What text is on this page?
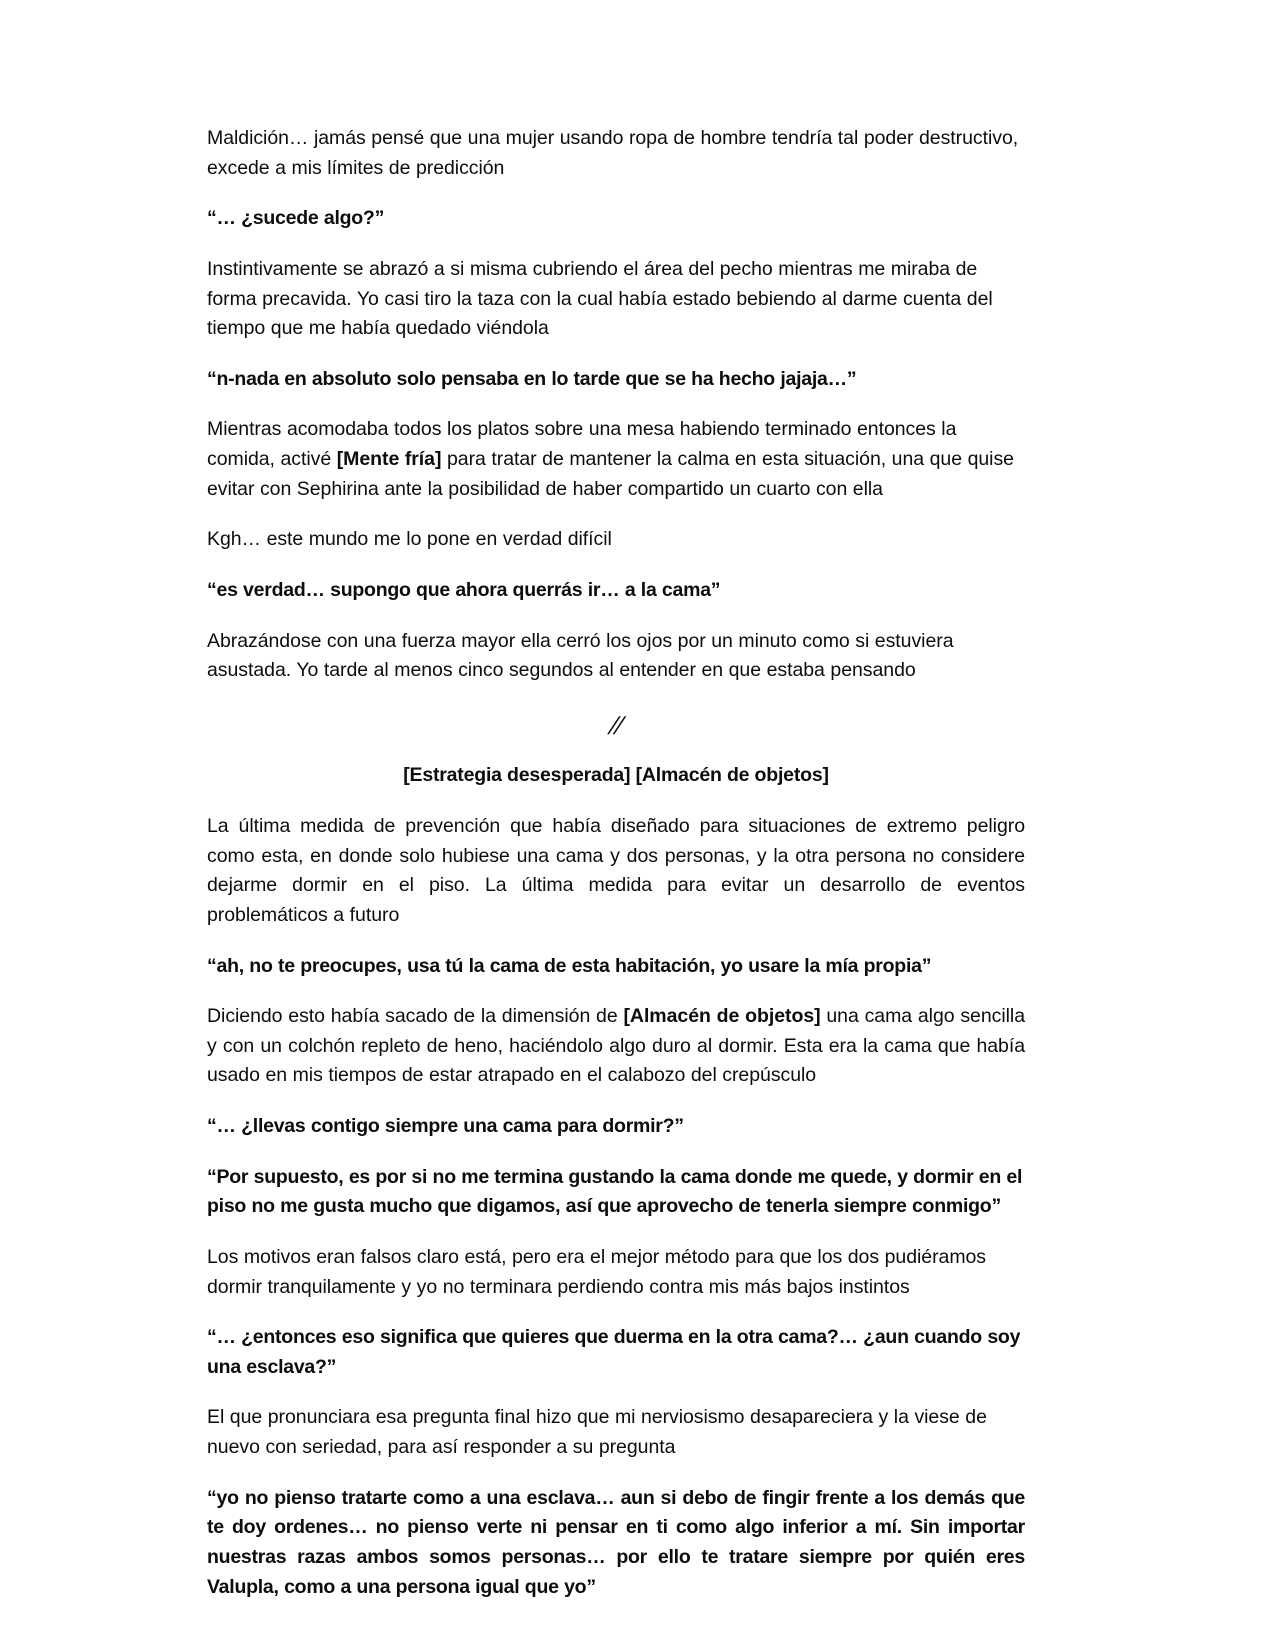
Maldición… jamás pensé que una mujer usando ropa de hombre tendría tal poder destructivo, excede a mis límites de predicción

“… ¿sucede algo?”

Instintivamente se abrazó a si misma cubriendo el área del pecho mientras me miraba de forma precavida. Yo casi tiro la taza con la cual había estado bebiendo al darme cuenta del tiempo que me había quedado viéndola

“n-nada en absoluto solo pensaba en lo tarde que se ha hecho jajaja…”

Mientras acomodaba todos los platos sobre una mesa habiendo terminado entonces la comida, activé [Mente fría] para tratar de mantener la calma en esta situación, una que quise evitar con Sephirina ante la posibilidad de haber compartido un cuarto con ella

Kgh… este mundo me lo pone en verdad difícil

“es verdad… supongo que ahora querrás ir… a la cama”

Abrazándose con una fuerza mayor ella cerró los ojos por un minuto como si estuviera asustada. Yo tarde al menos cinco segundos al entender en que estaba pensando

//
[Estrategia desesperada] [Almacén de objetos]

La última medida de prevención que había diseñado para situaciones de extremo peligro como esta, en donde solo hubiese una cama y dos personas, y la otra persona no considere dejarme dormir en el piso. La última medida para evitar un desarrollo de eventos problemáticos a futuro

“ah, no te preocupes, usa tú la cama de esta habitación, yo usare la mía propia”

Diciendo esto había sacado de la dimensión de [Almacén de objetos] una cama algo sencilla y con un colchón repleto de heno, haciéndolo algo duro al dormir. Esta era la cama que había usado en mis tiempos de estar atrapado en el calabozo del crepúsculo

“… ¿llevas contigo siempre una cama para dormir?”

“Por supuesto, es por si no me termina gustando la cama donde me quede, y dormir en el piso no me gusta mucho que digamos, así que aprovecho de tenerla siempre conmigo”

Los motivos eran falsos claro está, pero era el mejor método para que los dos pudiéramos dormir tranquilamente y yo no terminara perdiendo contra mis más bajos instintos

“… ¿entonces eso significa que quieres que duerma en la otra cama?… ¿aun cuando soy una esclava?”

El que pronunciara esa pregunta final hizo que mi nerviosismo desapareciera y la viese de nuevo con seriedad, para así responder a su pregunta

“yo no pienso tratarte como a una esclava… aun si debo de fingir frente a los demás que te doy ordenes… no pienso verte ni pensar en ti como algo inferior a mí. Sin importar nuestras razas ambos somos personas… por ello te tratare siempre por quién eres Valupla, como a una persona igual que yo”
